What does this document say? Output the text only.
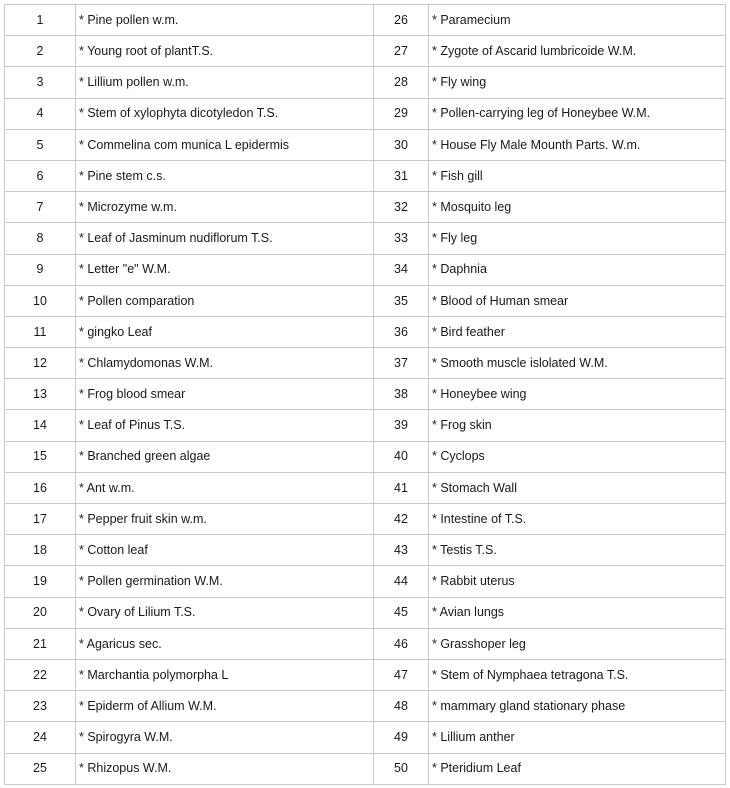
1	* Pine pollen w.m.	26	* Paramecium
2	* Young root of plantT.S.	27	* Zygote of Ascarid lumbricoide W.M.
3	* Lillium pollen w.m.	28	* Fly wing
4	* Stem of xylophyta dicotyledon T.S.	29	* Pollen-carrying leg of Honeybee W.M.
5	* Commelina com munica L epidermis	30	* House Fly Male Mounth Parts. W.m.
6	* Pine stem c.s.	31	* Fish gill
7	* Microzyme w.m.	32	* Mosquito leg
8	* Leaf of Jasminum nudiflorum T.S.	33	* Fly leg
9	* Letter "e" W.M.	34	* Daphnia
10	* Pollen comparation	35	* Blood of Human smear
11	* gingko Leaf	36	* Bird feather
12	* Chlamydomonas W.M.	37	* Smooth muscle islolated W.M.
13	* Frog blood smear	38	* Honeybee wing
14	* Leaf of Pinus T.S.	39	* Frog skin
15	* Branched green algae	40	* Cyclops
16	* Ant w.m.	41	* Stomach Wall
17	* Pepper fruit skin w.m.	42	* Intestine of T.S.
18	* Cotton leaf	43	* Testis T.S.
19	* Pollen germination W.M.	44	* Rabbit uterus
20	* Ovary of Lilium T.S.	45	* Avian lungs
21	* Agaricus sec.	46	* Grasshoper leg
22	* Marchantia polymorpha L	47	* Stem of Nymphaea tetragona T.S.
23	* Epiderm of Allium W.M.	48	* mammary gland stationary phase
24	* Spirogyra W.M.	49	* Lillium anther
25	* Rhizopus W.M.	50	* Pteridium Leaf
